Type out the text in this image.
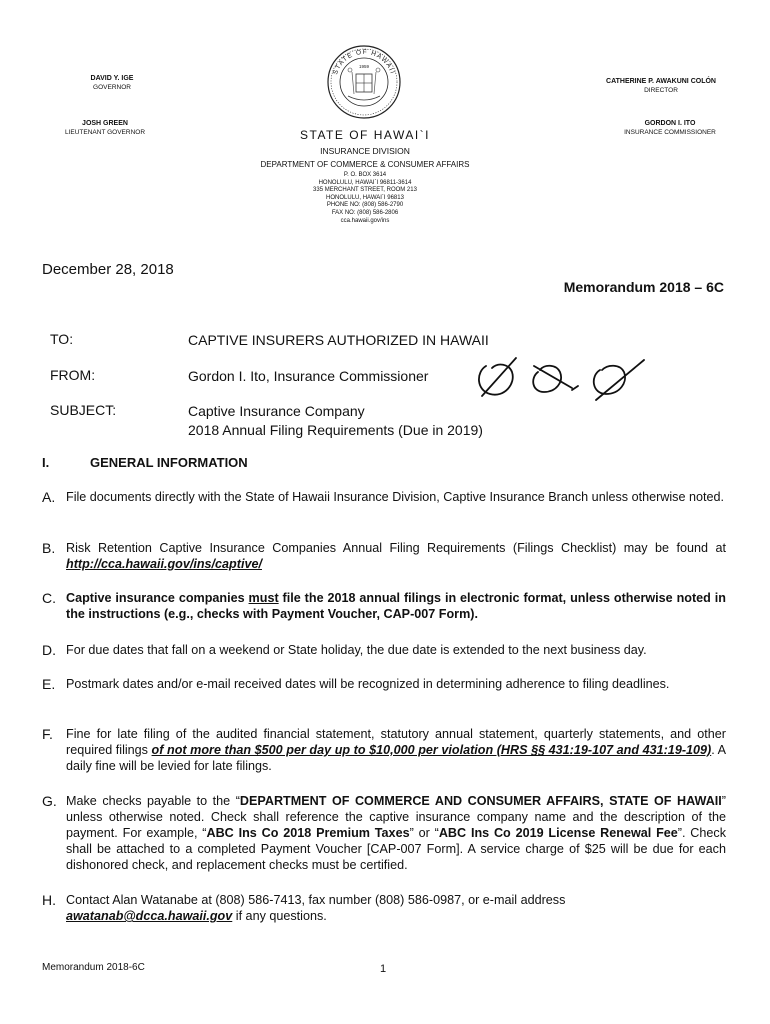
DAVID Y. IGE
GOVERNOR
JOSH GREEN
LIEUTENANT GOVERNOR
CATHERINE P. AWAKUNI COLÓN
DIRECTOR
GORDON I. ITO
INSURANCE COMMISSIONER
STATE OF HAWAII
1959
STATE OF HAWAI`I
INSURANCE DIVISION
DEPARTMENT OF COMMERCE & CONSUMER AFFAIRS
P. O. BOX 3614
HONOLULU, HAWAI`I 96811-3614
335 MERCHANT STREET, ROOM 213
HONOLULU, HAWAI`I 96813
PHONE NO: (808) 586-2790
FAX NO: (808) 586-2806
cca.hawaii.gov/ins
December 28, 2018
Memorandum 2018 – 6C
TO:	CAPTIVE INSURERS AUTHORIZED IN HAWAII
FROM:	Gordon I. Ito, Insurance Commissioner
SUBJECT:	Captive Insurance Company
2018 Annual Filing Requirements (Due in 2019)
I.	GENERAL INFORMATION
A. File documents directly with the State of Hawaii Insurance Division, Captive Insurance Branch unless otherwise noted.
B. Risk Retention Captive Insurance Companies Annual Filing Requirements (Filings Checklist) may be found at http://cca.hawaii.gov/ins/captive/
C. Captive insurance companies must file the 2018 annual filings in electronic format, unless otherwise noted in the instructions (e.g., checks with Payment Voucher, CAP-007 Form).
D. For due dates that fall on a weekend or State holiday, the due date is extended to the next business day.
E. Postmark dates and/or e-mail received dates will be recognized in determining adherence to filing deadlines.
F. Fine for late filing of the audited financial statement, statutory annual statement, quarterly statements, and other required filings of not more than $500 per day up to $10,000 per violation (HRS §§ 431:19-107 and 431:19-109). A daily fine will be levied for late filings.
G. Make checks payable to the “DEPARTMENT OF COMMERCE AND CONSUMER AFFAIRS, STATE OF HAWAII” unless otherwise noted. Check shall reference the captive insurance company name and the description of the payment. For example, “ABC Ins Co 2018 Premium Taxes” or “ABC Ins Co 2019 License Renewal Fee”. Check shall be attached to a completed Payment Voucher [CAP-007 Form]. A service charge of $25 will be due for each dishonored check, and replacement checks must be certified.
H. Contact Alan Watanabe at (808) 586-7413, fax number (808) 586-0987, or e-mail address awatanab@dcca.hawaii.gov if any questions.
Memorandum 2018-6C	1
